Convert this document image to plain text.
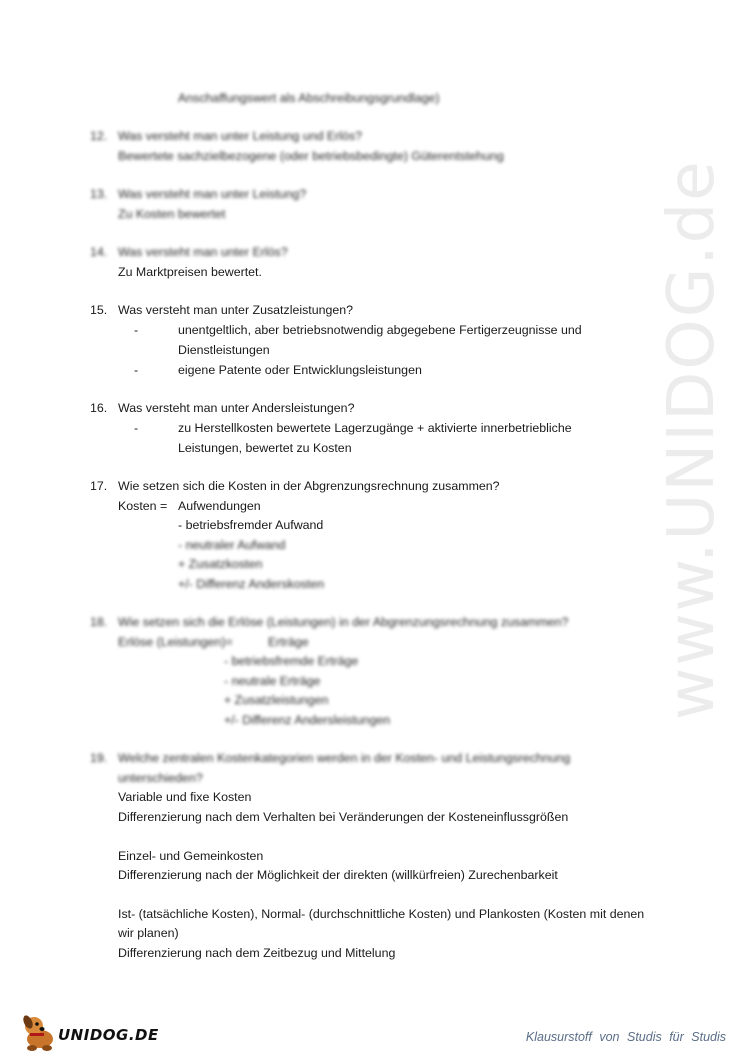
www.UNIDOG.de
Anschaffungswert als Abschreibungsgrundlage)
12. Was versteht man unter Leistung und Erlös?
Bewertete sachzielbezogene (oder betriebsbedingte) Güterentstehung
13. Was versteht man unter Leistung?
Zu Kosten bewertet
14. Was versteht man unter Erlös?
Zu Marktpreisen bewertet.
15. Was versteht man unter Zusatzleistungen?
-	unentgeltlich, aber betriebsnotwendig abgegebene Fertigerzeugnisse und
Dienstleistungen
-	eigene Patente oder Entwicklungsleistungen
16. Was versteht man unter Andersleistungen?
-	zu Herstellkosten bewertete Lagerzugänge + aktivierte innerbetriebliche
Leistungen, bewertet zu Kosten
17. Wie setzen sich die Kosten in der Abgrenzungsrechnung zusammen?
Kosten = Aufwendungen
- betriebsfremder Aufwand
- neutraler Aufwand
+ Zusatzkosten
+/- Differenz Anderskosten
18. Wie setzen sich die Erlöse (Leistungen) in der Abgrenzungsrechnung zusammen?
Erlöse (Leistungen)=	Erträge
- betriebsfremde Erträge
- neutrale Erträge
+ Zusatzleistungen
+/- Differenz Andersleistungen
19. Welche zentralen Kostenkategorien werden in der Kosten- und Leistungsrechnung
unterschieden?
Variable und fixe Kosten
Differenzierung nach dem Verhalten bei Veränderungen der Kosteneinflussgrößen
Einzel- und Gemeinkosten
Differenzierung nach der Möglichkeit der direkten (willkürfreien) Zurechenbarkeit
Ist- (tatsächliche Kosten), Normal- (durchschnittliche Kosten) und Plankosten (Kosten mit denen
wir planen)
Differenzierung nach dem Zeitbezug und Mittelung
UNIDOG.DE	Klausurstoff von Studis für Studis
